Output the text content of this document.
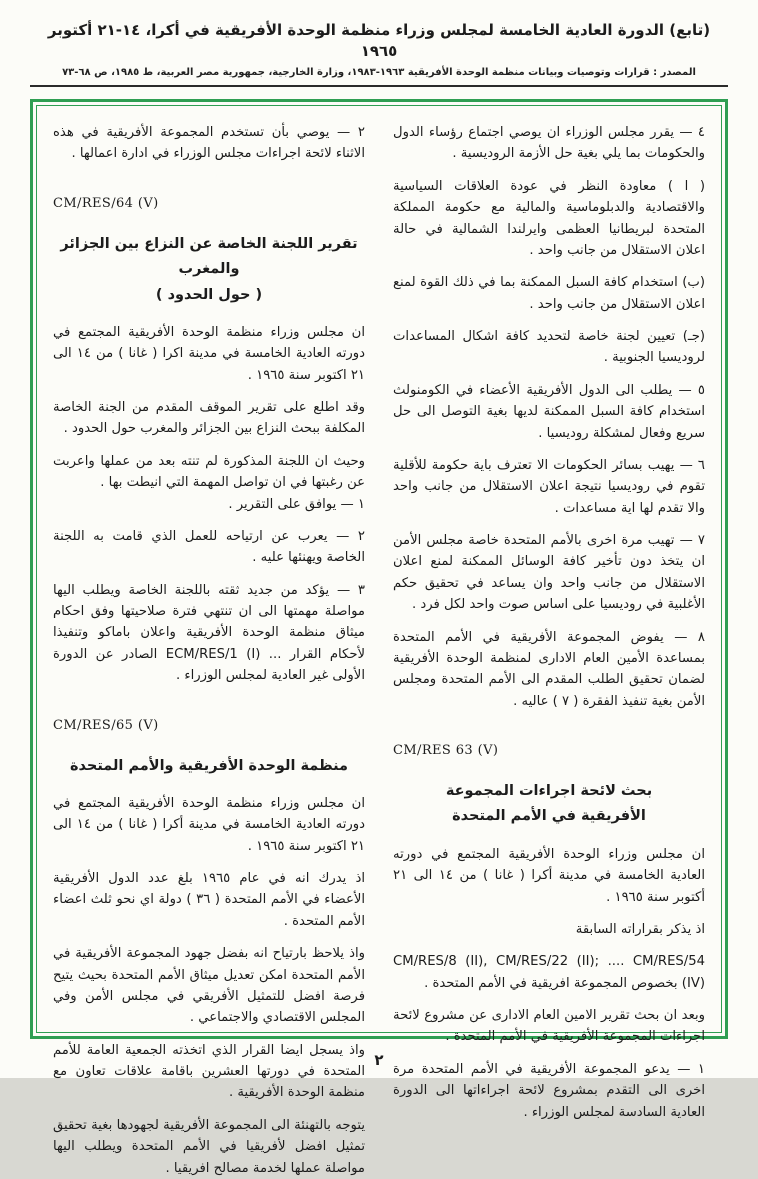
(تابع) الدورة العادية الخامسة لمجلس وزراء منظمة الوحدة الأفريقية في أكرا، ١٤-٢١ أكتوبر ١٩٦٥
المصدر : قرارات وتوصيات وبيانات منظمة الوحدة الأفريقية ١٩٦٣-١٩٨٣، وزارة الخارجية، جمهورية مصر العربية، ط ١٩٨٥، ص ٦٨-٧٣
٤ — يقرر مجلس الوزراء ان يوصي اجتماع رؤساء الدول والحكومات بما يلي بغية حل الأزمة الروديسية .
( ا ) معاودة النظر في عودة العلاقات السياسية والاقتصادية والدبلوماسية والمالية مع حكومة المملكة المتحدة لبريطانيا العظمى وايرلندا الشمالية في حالة اعلان الاستقلال من جانب واحد .
(ب) استخدام كافة السبل الممكنة بما في ذلك القوة لمنع اعلان الاستقلال من جانب واحد .
(جـ) تعيين لجنة خاصة لتحديد كافة اشكال المساعدات لروديسيا الجنوبية .
٥ — يطلب الى الدول الأفريقية الأعضاء في الكومنولث استخدام كافة السبل الممكنة لديها بغية التوصل الى حل سريع وفعال لمشكلة روديسيا .
٦ — يهيب بسائر الحكومات الا تعترف باية حكومة للأقلية تقوم في روديسيا نتيجة اعلان الاستقلال من جانب واحد والا تقدم لها اية مساعدات .
٧ — تهيب مرة اخرى بالأمم المتحدة خاصة مجلس الأمن ان يتخذ دون تأخير كافة الوسائل الممكنة لمنع اعلان الاستقلال من جانب واحد وان يساعد في تحقيق حكم الأغلبية في روديسيا على اساس صوت واحد لكل فرد .
٨ — يفوض المجموعة الأفريقية في الأمم المتحدة بمساعدة الأمين العام الادارى لمنظمة الوحدة الأفريقية لضمان تحقيق الطلب المقدم الى الأمم المتحدة ومجلس الأمن بغية تنفيذ الفقرة ( ٧ ) عاليه .
CM/RES 63 (V)
بحث لائحة اجراءات المجموعة
الأفريقية في الأمم المتحدة
ان مجلس وزراء الوحدة الأفريقية المجتمع في دورته العادية الخامسة في مدينة أكرا ( غانا ) من ١٤ الى ٢١ أكتوبر سنة ١٩٦٥ .
اذ يذكر بقراراته السابقة
CM/RES/8 (II), CM/RES/22 (II); .... CM/RES/54 (IV) بخصوص المجموعة افريقية في الأمم المتحدة .
وبعد ان بحث تقرير الامين العام الادارى عن مشروع لائحة اجراءات المجموعة الأفريقية في الأمم المتحدة .
١ — يدعو المجموعة الأفريقية في الأمم المتحدة مرة اخرى الى التقدم بمشروع لائحة اجراءاتها الى الدورة العادية السادسة لمجلس الوزراء .
٢ — يوصي بأن تستخدم المجموعة الأفريقية في هذه الاثناء لائحة اجراءات مجلس الوزراء في ادارة اعمالها .
CM/RES/64 (V)
تقرير اللجنة الخاصة عن النزاع بين الجزائر والمغرب
( حول الحدود )
ان مجلس وزراء منظمة الوحدة الأفريقية المجتمع في دورته العادية الخامسة في مدينة اكرا ( غانا ) من ١٤ الى ٢١ اكتوبر سنة ١٩٦٥ .
وقد اطلع على تقرير الموقف المقدم من الجنة الخاصة المكلفة ببحث النزاع بين الجزائر والمغرب حول الحدود .
وحيث ان اللجنة المذكورة لم تنته بعد من عملها واعربت عن رغبتها في ان تواصل المهمة التي انيطت بها .
١ — يوافق على التقرير .
٢ — يعرب عن ارتياحه للعمل الذي قامت به اللجنة الخاصة ويهنئها عليه .
٣ — يؤكد من جديد ثقته باللجنة الخاصة ويطلب اليها مواصلة مهمتها الى ان تنتهي فترة صلاحيتها وفق احكام ميثاق منظمة الوحدة الأفريقية واعلان باماكو وتنفيذا لأحكام القرار ... ECM/RES/1 (I) الصادر عن الدورة الأولى غير العادية لمجلس الوزراء .
CM/RES/65 (V)
منظمة الوحدة الأفريقية والأمم المتحدة
ان مجلس وزراء منظمة الوحدة الأفريقية المجتمع في دورته العادية الخامسة في مدينة أكرا ( غانا ) من ١٤ الى ٢١ اكتوبر سنة ١٩٦٥ .
اذ يدرك انه في عام ١٩٦٥ بلغ عدد الدول الأفريقية الأعضاء في الأمم المتحدة ( ٣٦ ) دولة اي نحو ثلث اعضاء الأمم المتحدة .
واذ يلاحظ بارتياح انه بفضل جهود المجموعة الأفريقية في الأمم المتحدة امكن تعديل ميثاق الأمم المتحدة بحيث يتيح فرصة افضل للتمثيل الأفريقي في مجلس الأمن وفي المجلس الاقتصادي والاجتماعي .
واذ يسجل ايضا القرار الذي اتخذته الجمعية العامة للأمم المتحدة في دورتها العشرين باقامة علاقات تعاون مع منظمة الوحدة الأفريقية .
يتوجه بالتهنئة الى المجموعة الأفريقية لجهودها بغية تحقيق تمثيل افضل لأفريقيا في الأمم المتحدة ويطلب اليها مواصلة عملها لخدمة مصالح افريقيا .
٢
